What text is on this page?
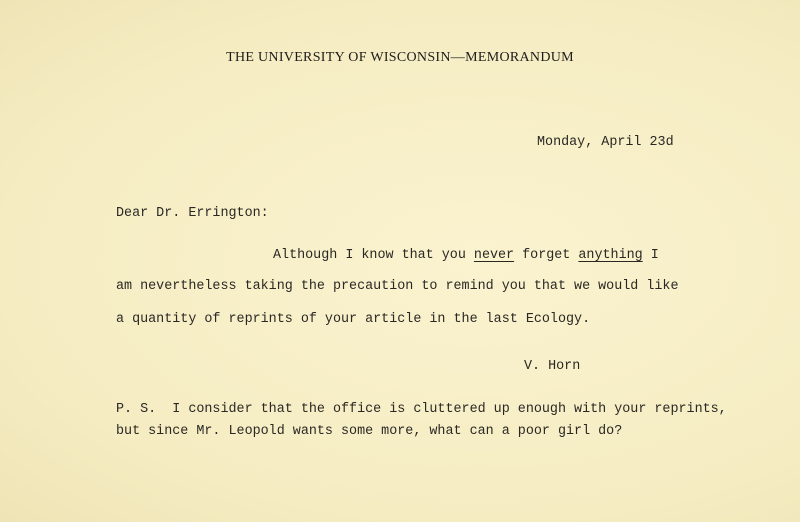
THE UNIVERSITY OF WISCONSIN—MEMORANDUM
Monday, April 23d
Dear Dr. Errington:
Although I know that you never forget anything I
am nevertheless taking the precaution to remind you that we would like
a quantity of reprints of your article in the last Ecology.
V. Horn
P. S.  I consider that the office is cluttered up enough with your reprints,
but since Mr. Leopold wants some more, what can a poor girl do?
